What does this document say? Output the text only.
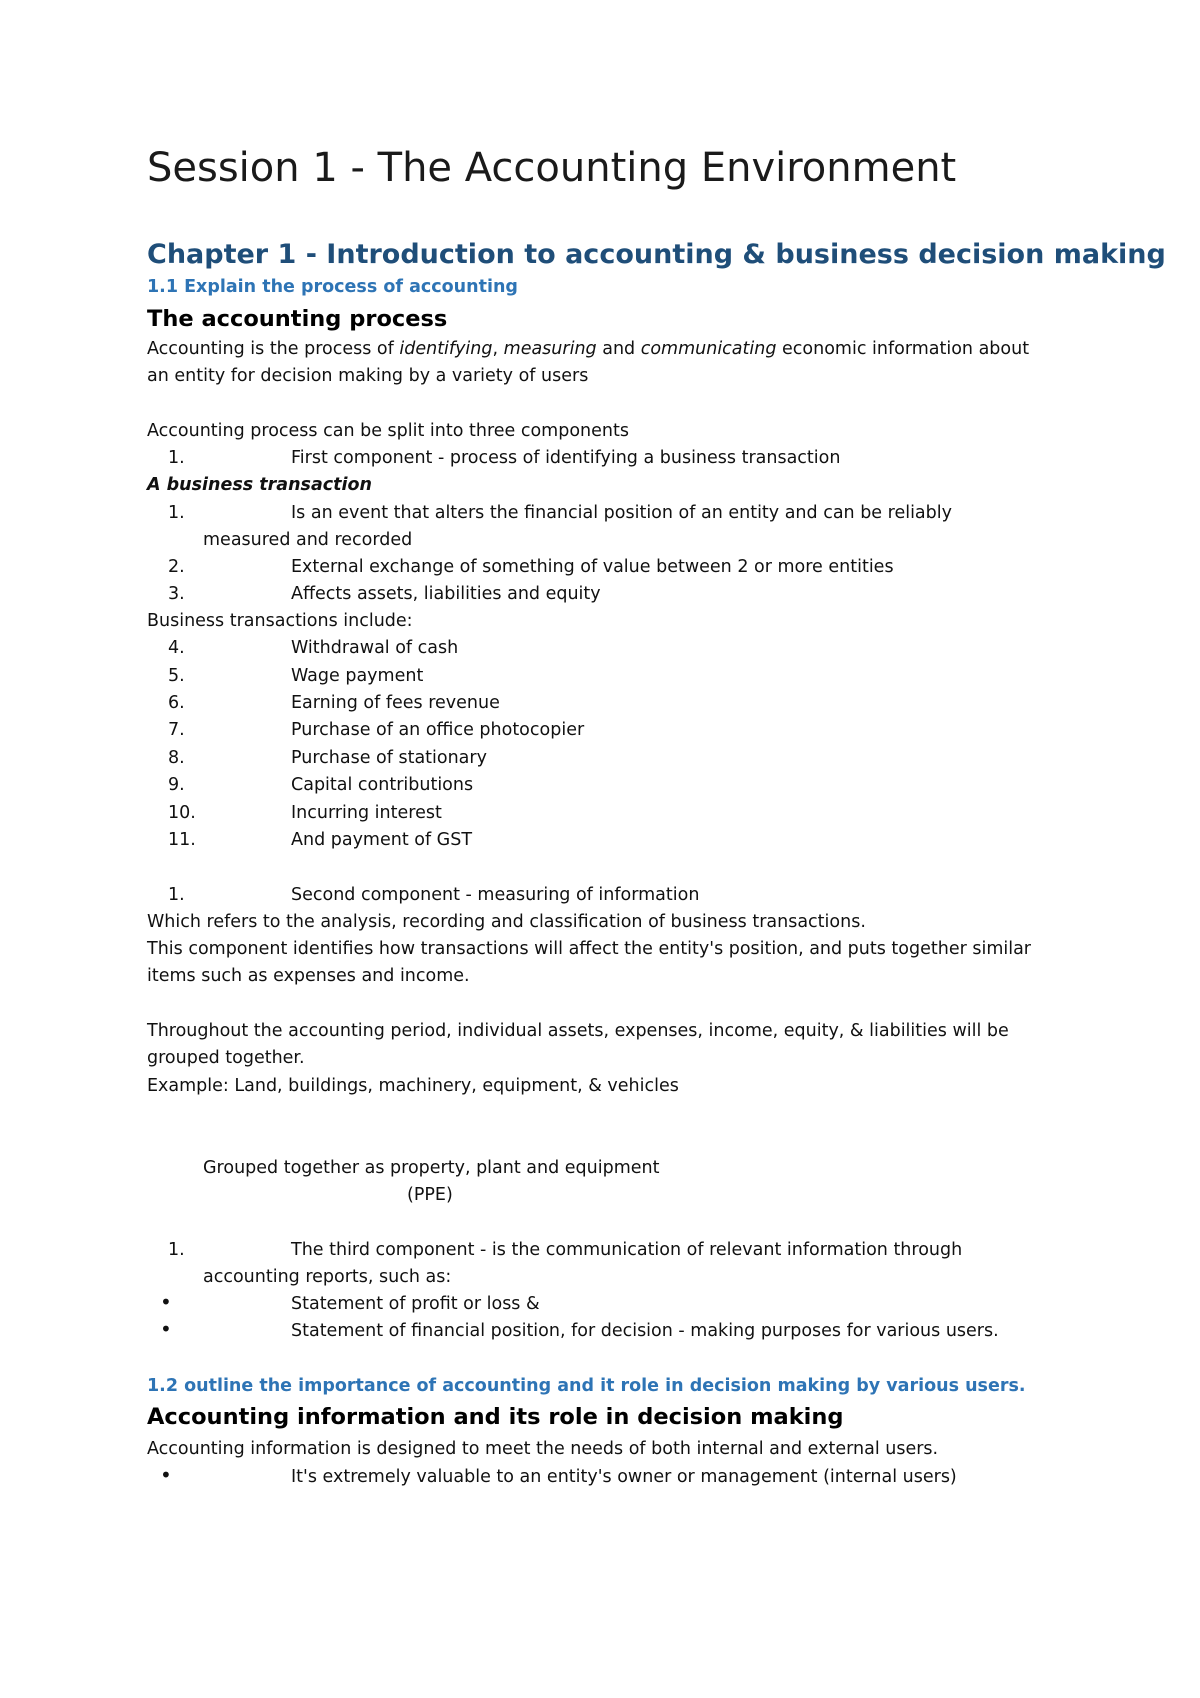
Session 1 - The Accounting Environment
Chapter 1 - Introduction to accounting & business decision making
1.1 Explain the process of accounting
The accounting process
Accounting is the process of identifying, measuring and communicating economic information about
an entity for decision making by a variety of users
Accounting process can be split into three components
1.	First component - process of identifying a business transaction
A business transaction
1.	Is an event that alters the financial position of an entity and can be reliably
measured and recorded
2.	External exchange of something of value between 2 or more entities
3.	Affects assets, liabilities and equity
Business transactions include:
4.	Withdrawal of cash
5.	Wage payment
6.	Earning of fees revenue
7.	Purchase of an office photocopier
8.	Purchase of stationary
9.	Capital contributions
10.	Incurring interest
11.	And payment of GST
1.	Second component - measuring of information
Which refers to the analysis, recording and classification of business transactions.
This component identifies how transactions will affect the entity's position, and puts together similar
items such as expenses and income.
Throughout the accounting period, individual assets, expenses, income, equity, & liabilities will be
grouped together.
Example: Land, buildings, machinery, equipment, & vehicles
Grouped together as property, plant and equipment
(PPE)
1.	The third component - is the communication of relevant information through
accounting reports, such as:
•	Statement of profit or loss &
•	Statement of financial position, for decision - making purposes for various users.
1.2 outline the importance of accounting and it role in decision making by various users.
Accounting information and its role in decision making
Accounting information is designed to meet the needs of both internal and external users.
•	It's extremely valuable to an entity's owner or management (internal users)
